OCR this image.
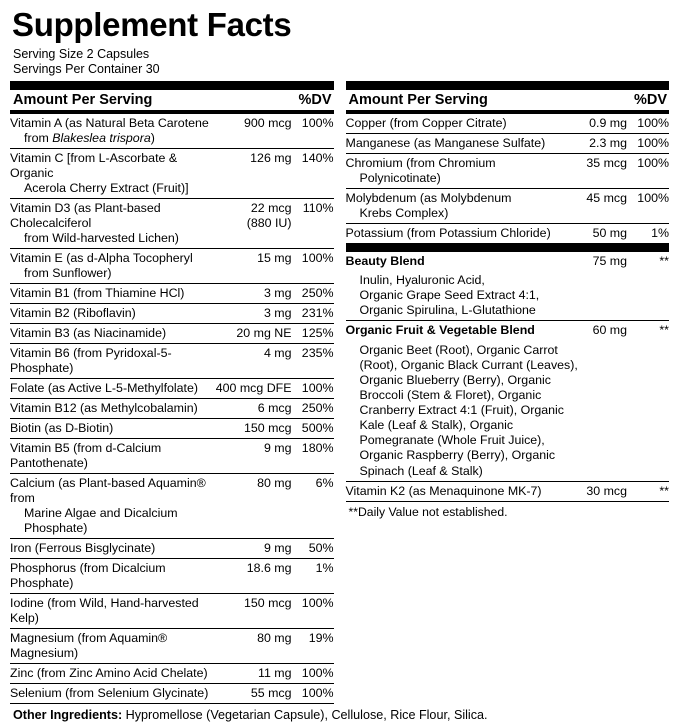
Supplement Facts
Serving Size 2 Capsules
Servings Per Container 30
Amount Per Serving	%DV
Vitamin A (as Natural Beta Carotene
from Blakeslea trispora)	900 mcg	100%
Vitamin C [from L-Ascorbate & Organic
Acerola Cherry Extract (Fruit)]	126 mg	140%
Vitamin D3 (as Plant-based Cholecalciferol
from Wild-harvested Lichen)	22 mcg
(880 IU)	110%
Vitamin E (as d-Alpha Tocopheryl
from Sunflower)	15 mg	100%
Vitamin B1 (from Thiamine HCl)	3 mg	250%
Vitamin B2 (Riboflavin)	3 mg	231%
Vitamin B3 (as Niacinamide)	20 mg NE	125%
Vitamin B6 (from Pyridoxal-5-Phosphate)	4 mg	235%
Folate (as Active L-5-Methylfolate)	400 mcg DFE	100%
Vitamin B12 (as Methylcobalamin)	6 mcg	250%
Biotin (as D-Biotin)	150 mcg	500%
Vitamin B5 (from d-Calcium Pantothenate)	9 mg	180%
Calcium (as Plant-based Aquamin® from
Marine Algae and Dicalcium Phosphate)	80 mg	6%
Iron (Ferrous Bisglycinate)	9 mg	50%
Phosphorus (from Dicalcium Phosphate)	18.6 mg	1%
Iodine (from Wild, Hand-harvested Kelp)	150 mcg	100%
Magnesium (from Aquamin® Magnesium)	80 mg	19%
Zinc (from Zinc Amino Acid Chelate)	11 mg	100%
Selenium (from Selenium Glycinate)	55 mcg	100%
Amount Per Serving	%DV
Copper (from Copper Citrate)	0.9 mg	100%
Manganese (as Manganese Sulfate)	2.3 mg	100%
Chromium (from Chromium
Polynicotinate)	35 mcg	100%
Molybdenum (as Molybdenum
Krebs Complex)	45 mcg	100%
Potassium (from Potassium Chloride)	50 mg	1%
Beauty Blend	75 mg	**

Inulin, Hyaluronic Acid,
Organic Grape Seed Extract 4:1,
Organic Spirulina, L-Glutathione
Organic Fruit & Vegetable Blend	60 mg	**

Organic Beet (Root), Organic Carrot
(Root), Organic Black Currant (Leaves),
Organic Blueberry (Berry), Organic
Broccoli (Stem & Floret), Organic
Cranberry Extract 4:1 (Fruit), Organic
Kale (Leaf & Stalk), Organic
Pomegranate (Whole Fruit Juice),
Organic Raspberry (Berry), Organic
Spinach (Leaf & Stalk)

Vitamin K2 (as Menaquinone MK-7)	30 mcg	**
**Daily Value not established.
Other Ingredients: Hypromellose (Vegetarian Capsule), Cellulose, Rice Flour, Silica.
